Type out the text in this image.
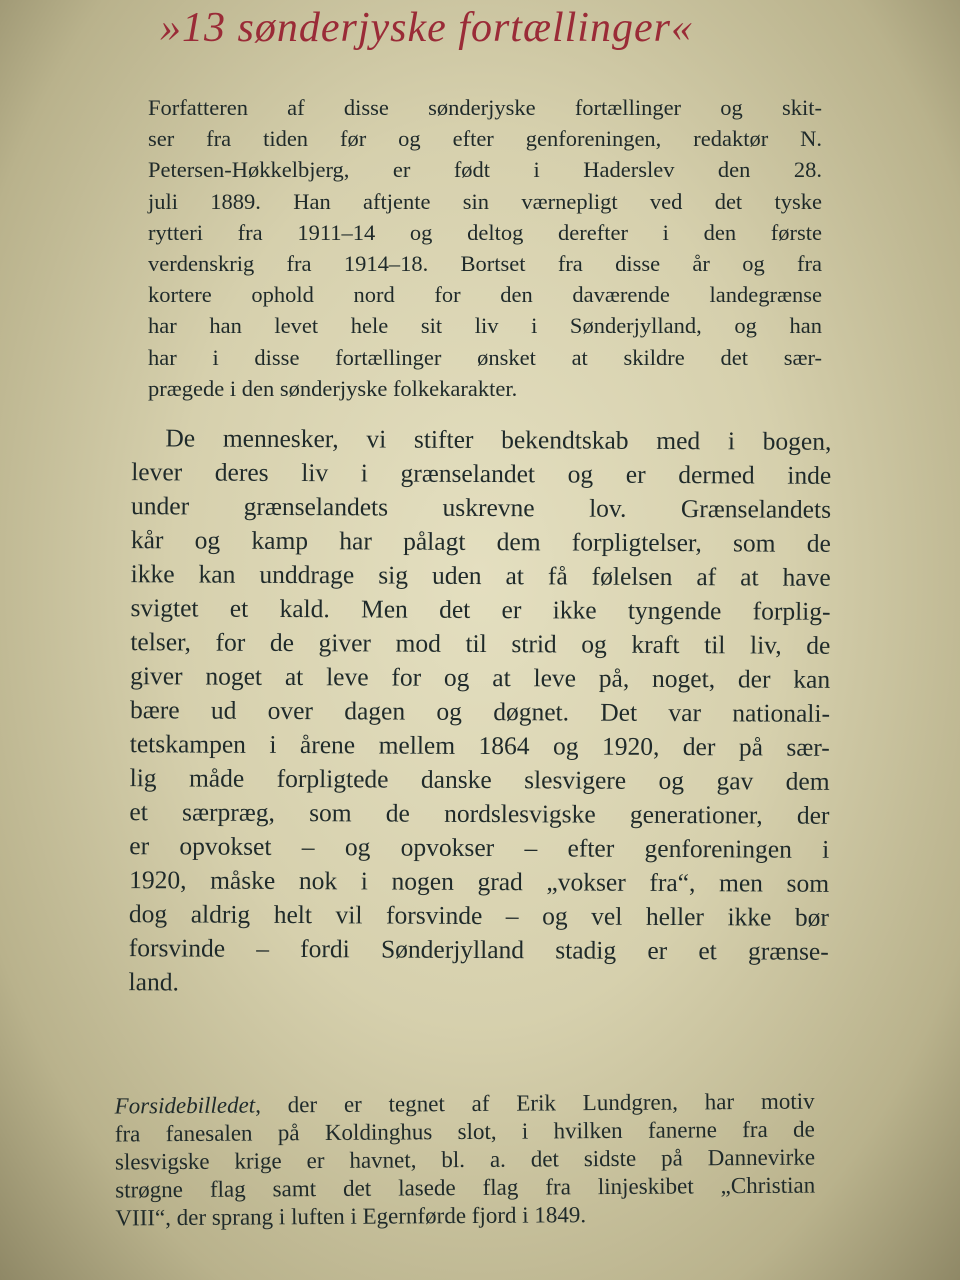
»13 sønderjyske fortællinger«
Forfatteren af disse sønderjyske fortællinger og skit-
ser fra tiden før og efter genforeningen, redaktør N.
Petersen-Høkkelbjerg, er født i Haderslev den 28.
juli 1889. Han aftjente sin værnepligt ved det tyske
rytteri fra 1911–14 og deltog derefter i den første
verdenskrig fra 1914–18. Bortset fra disse år og fra
kortere ophold nord for den daværende landegrænse
har han levet hele sit liv i Sønderjylland, og han
har i disse fortællinger ønsket at skildre det sær-
prægede i den sønderjyske folkekarakter.
De mennesker, vi stifter bekendtskab med i bogen,
lever deres liv i grænselandet og er dermed inde
under grænselandets uskrevne lov. Grænselandets
kår og kamp har pålagt dem forpligtelser, som de
ikke kan unddrage sig uden at få følelsen af at have
svigtet et kald. Men det er ikke tyngende forplig-
telser, for de giver mod til strid og kraft til liv, de
giver noget at leve for og at leve på, noget, der kan
bære ud over dagen og døgnet. Det var nationali-
tetskampen i årene mellem 1864 og 1920, der på sær-
lig måde forpligtede danske slesvigere og gav dem
et særpræg, som de nordslesvigske generationer, der
er opvokset – og opvokser – efter genforeningen i
1920, måske nok i nogen grad „vokser fra“, men som
dog aldrig helt vil forsvinde – og vel heller ikke bør
forsvinde – fordi Sønderjylland stadig er et grænse-
land.
Forsidebilledet, der er tegnet af Erik Lundgren, har motiv
fra fanesalen på Koldinghus slot, i hvilken fanerne fra de
slesvigske krige er havnet, bl. a. det sidste på Dannevirke
strøgne flag samt det lasede flag fra linjeskibet „Christian
VIII“, der sprang i luften i Egernførde fjord i 1849.
